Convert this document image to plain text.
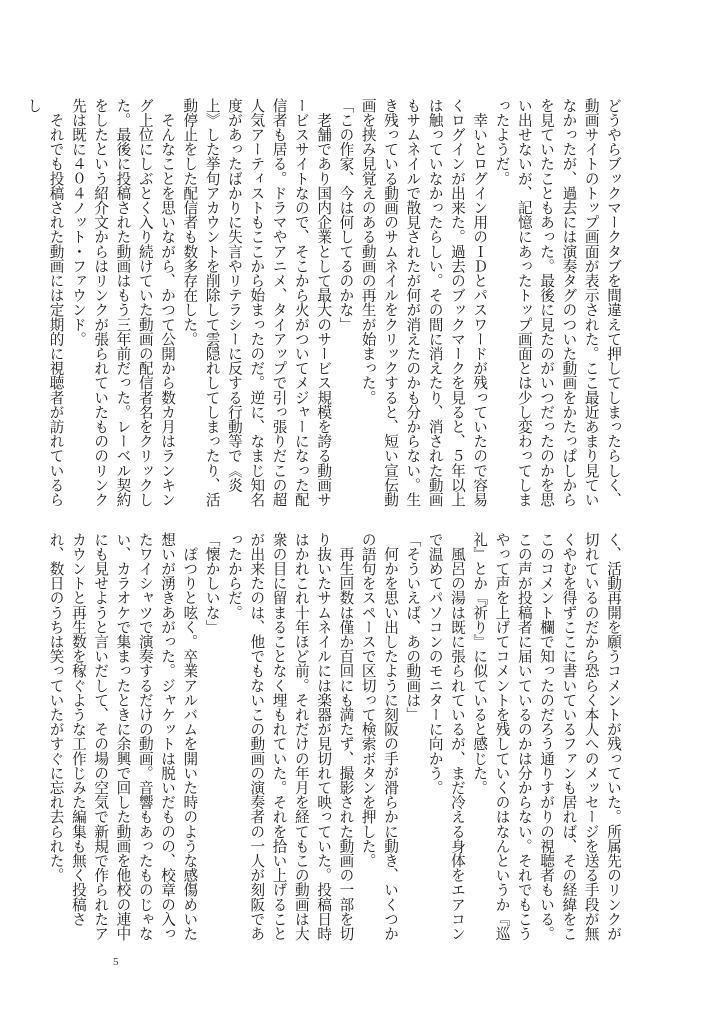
どうやらブックマークタブを間違えて押してしまったらしく、動画サイトのトップ画面が表示された。ここ最近あまり見ていなかったが、過去には演奏タグのついた動画をかたっぱしからを見ていたこともあった。最後に見たのがいつだったのかを思い出せないが、記憶にあったトップ画面とは少し変わってしまったようだ。

　幸いとログイン用のＩＤとパスワードが残っていたので容易くログインが出来た。過去のブックマークを見ると、５年以上は触っていなかったらしい。その間に消えたり、消された動画もサムネイルで散見されたが何が消えたのかも分からない。生き残っている動画のサムネイルをクリックすると、短い宣伝動画を挟み見覚えのある動画の再生が始まった。

「この作家、今は何してるのかな」

　老舗であり国内企業として最大のサービス規模を誇る動画サービスサイトなので、そこから火がついてメジャーになった配信者も居る。ドラマやアニメ、タイアップで引っ張りだこの超人気アーティストもここから始まったのだ。逆に、なまじ知名度があったばかりに失言やリテラシーに反する行動等で《炎上》した挙句アカウントを削除して雲隠れしてしまったり、活動停止をした配信者も数多存在した。

　そんなことを思いながら、かつて公開から数カ月はランキング上位にしぶとく入り続けていた動画の配信者名をクリックした。最後に投稿された動画はもう三年前だった。レーベル契約をしたという紹介文からはリンクが張られていたもののリンク先は既に４０４ノット・ファウンド。

　それでも投稿された動画には定期的に視聴者が訪れているらし

く、活動再開を願うコメントが残っていた。所属先のリンクが切れているのだから恐らく本人へのメッセージを送る手段が無くやむを得ずここに書いているファンも居れば、その経緯をここのコメント欄で知ったのだろう通りすがりの視聴者もいる。この声が投稿者に届いているのかは分からない。それでもこうやって声を上げてコメントを残していくのはなんというか『巡礼』とか『祈り』に似ていると感じた。

　風呂の湯は既に張られているが、まだ冷える身体をエアコンで温めてパソコンのモニターに向かう。

「そういえば、あの動画は」

　何かを思い出したように刻阪の手が滑らかに動き、いくつかの語句をスペースで区切って検索ボタンを押した。

　再生回数は僅か百回にも満たず、撮影された動画の一部を切り抜いたサムネイルには楽器が見切れて映っていた。投稿日時はかれこれ十年ほど前。それだけの年月を経てもこの動画は大衆の目に留まることなく埋もれていた。それを拾い上げることが出来たのは、他でもないこの動画の演奏者の一人が刻阪であったからだ。

「懐かしいな」

　ぽつりと呟く。卒業アルバムを開いた時のような感傷めいた想いが湧きあがった。ジャケットは脱いだものの、校章の入ったワイシャツで演奏するだけの動画。音響もあったものじゃない、カラオケで集まったときに余興で回した動画を他校の連中にも見せようと言いだして、その場の空気で新規で作られたアカウントと再生数を稼ぐような工作じみた編集も無く投稿され、数日のうちは笑っていたがすぐに忘れ去られた。

5
